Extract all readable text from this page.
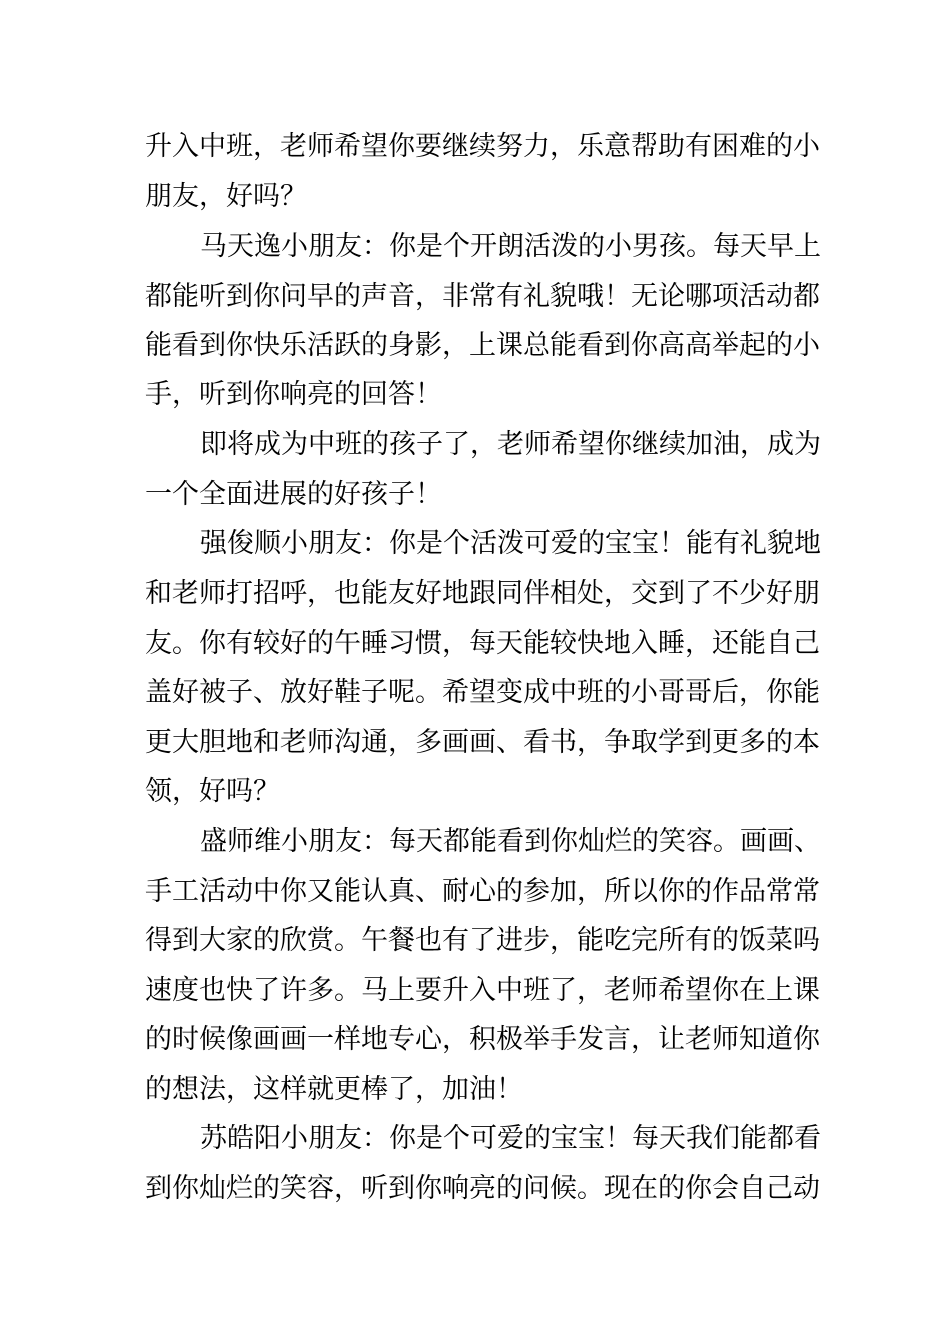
升入中班，老师希望你要继续努力，乐意帮助有困难的小
朋友，好吗？
马天逸小朋友：你是个开朗活泼的小男孩。每天早上
都能听到你问早的声音，非常有礼貌哦！无论哪项活动都
能看到你快乐活跃的身影，上课总能看到你高高举起的小
手，听到你响亮的回答！
即将成为中班的孩子了，老师希望你继续加油，成为
一个全面进展的好孩子！
强俊顺小朋友：你是个活泼可爱的宝宝！能有礼貌地
和老师打招呼，也能友好地跟同伴相处，交到了不少好朋
友。你有较好的午睡习惯，每天能较快地入睡，还能自己
盖好被子、放好鞋子呢。希望变成中班的小哥哥后，你能
更大胆地和老师沟通，多画画、看书，争取学到更多的本
领，好吗？
盛师维小朋友：每天都能看到你灿烂的笑容。画画、
手工活动中你又能认真、耐心的参加，所以你的作品常常
得到大家的欣赏。午餐也有了进步，能吃完所有的饭菜吗
速度也快了许多。马上要升入中班了，老师希望你在上课
的时候像画画一样地专心，积极举手发言，让老师知道你
的想法，这样就更棒了，加油！
苏皓阳小朋友：你是个可爱的宝宝！每天我们能都看
到你灿烂的笑容，听到你响亮的问候。现在的你会自己动
